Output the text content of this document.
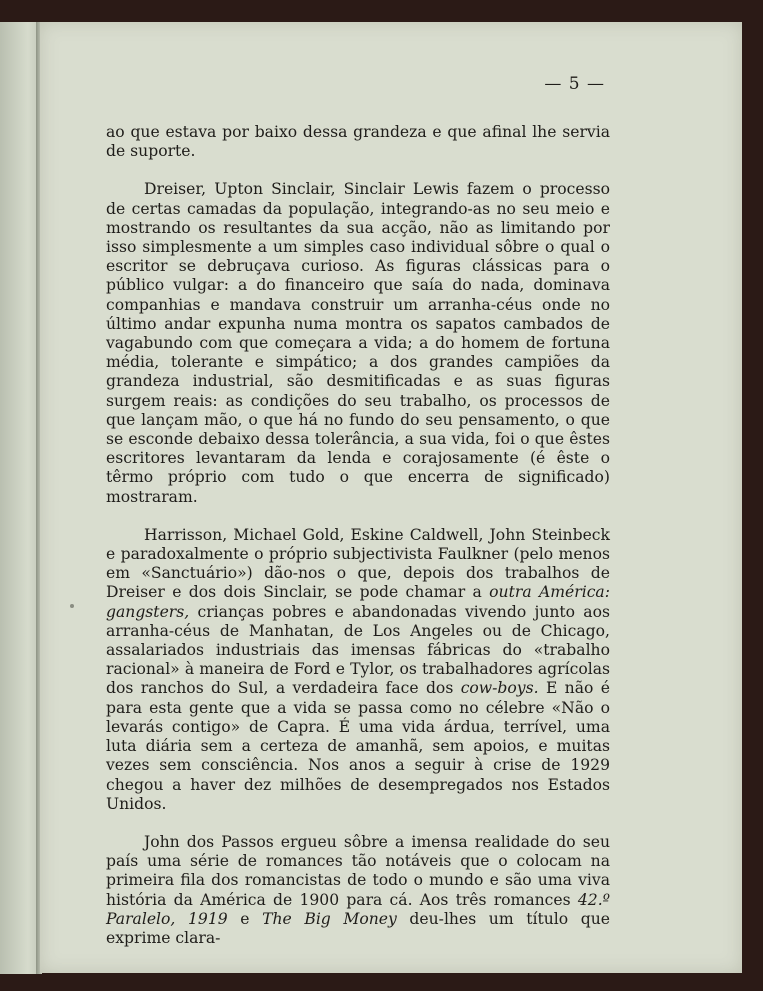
— 5 —

ao que estava por baixo dessa grandeza e que afinal lhe servia de suporte.

Dreiser, Upton Sinclair, Sinclair Lewis fazem o processo de certas camadas da população, integrando-as no seu meio e mostrando os resultantes da sua acção, não as limitando por isso simplesmente a um simples caso individual sôbre o qual o escritor se debruçava curioso. As figuras clássicas para o público vulgar: a do financeiro que saía do nada, dominava companhias e mandava construir um arranha-céus onde no último andar expunha numa montra os sapatos cambados de vagabundo com que começara a vida; a do homem de fortuna média, tolerante e simpático; a dos grandes campiões da grandeza industrial, são desmitificadas e as suas figuras surgem reais: as condições do seu trabalho, os processos de que lançam mão, o que há no fundo do seu pensamento, o que se esconde debaixo dessa tolerância, a sua vida, foi o que êstes escritores levantaram da lenda e corajosamente (é êste o têrmo próprio com tudo o que encerra de significado) mostraram.

Harrisson, Michael Gold, Eskine Caldwell, John Steinbeck e paradoxalmente o próprio subjectivista Faulkner (pelo menos em «Sanctuário») dão-nos o que, depois dos trabalhos de Dreiser e dos dois Sinclair, se pode chamar a outra América: gangsters, crianças pobres e abandonadas vivendo junto aos arranha-céus de Manhatan, de Los Angeles ou de Chicago, assalariados industriais das imensas fábricas do «trabalho racional» à maneira de Ford e Tylor, os trabalhadores agrícolas dos ranchos do Sul, a verdadeira face dos cow-boys. E não é para esta gente que a vida se passa como no célebre «Não o levarás contigo» de Capra. É uma vida árdua, terrível, uma luta diária sem a certeza de amanhã, sem apoios, e muitas vezes sem consciência. Nos anos a seguir à crise de 1929 chegou a haver dez milhões de desempregados nos Estados Unidos.

John dos Passos ergueu sôbre a imensa realidade do seu país uma série de romances tão notáveis que o colocam na primeira fila dos romancistas de todo o mundo e são uma viva história da América de 1900 para cá. Aos três romances 42.º Paralelo, 1919 e The Big Money deu-lhes um título que exprime clara-
